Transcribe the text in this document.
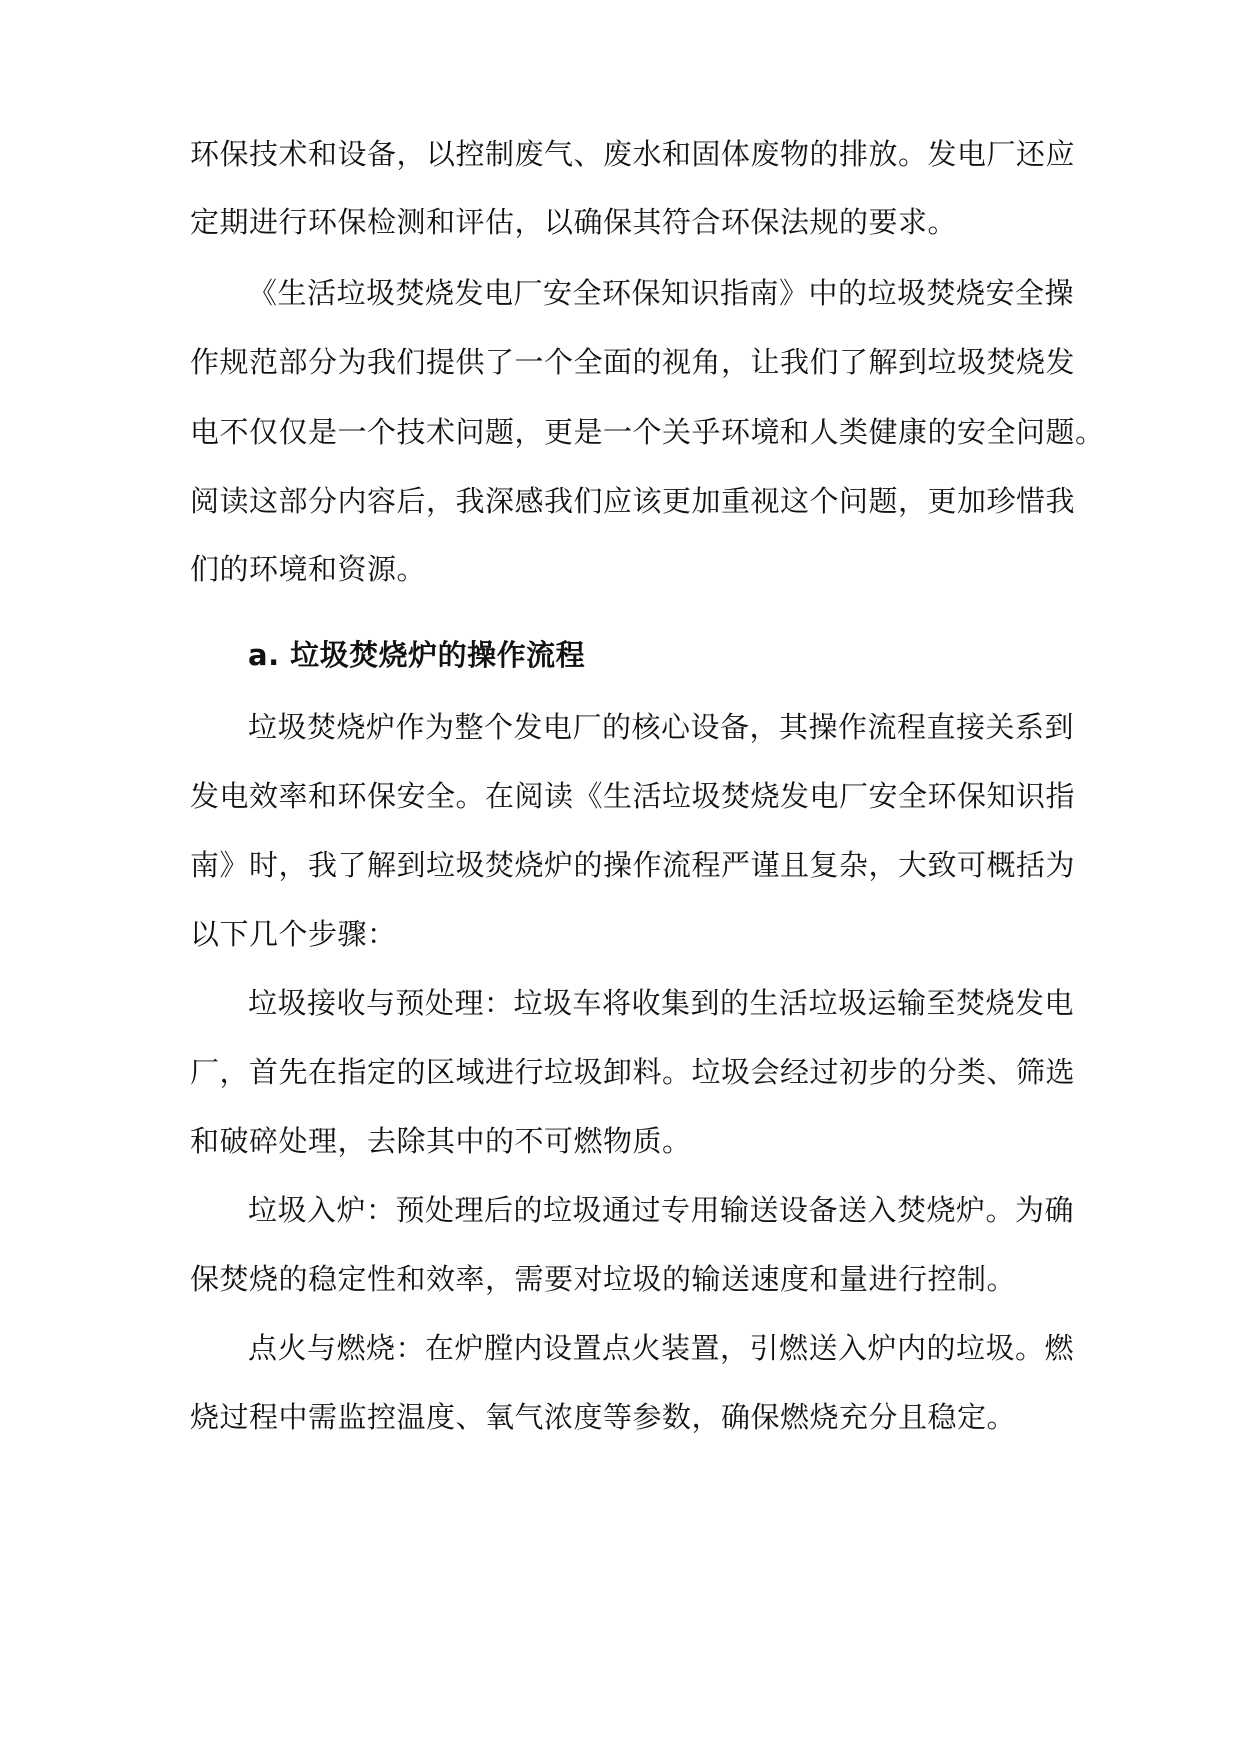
环保技术和设备，以控制废气、废水和固体废物的排放。发电厂还应
定期进行环保检测和评估，以确保其符合环保法规的要求。
《生活垃圾焚烧发电厂安全环保知识指南》中的垃圾焚烧安全操
作规范部分为我们提供了一个全面的视角，让我们了解到垃圾焚烧发
电不仅仅是一个技术问题，更是一个关乎环境和人类健康的安全问题。
阅读这部分内容后，我深感我们应该更加重视这个问题，更加珍惜我
们的环境和资源。
a. 垃圾焚烧炉的操作流程
垃圾焚烧炉作为整个发电厂的核心设备，其操作流程直接关系到
发电效率和环保安全。在阅读《生活垃圾焚烧发电厂安全环保知识指
南》时，我了解到垃圾焚烧炉的操作流程严谨且复杂，大致可概括为
以下几个步骤：
垃圾接收与预处理：垃圾车将收集到的生活垃圾运输至焚烧发电
厂，首先在指定的区域进行垃圾卸料。垃圾会经过初步的分类、筛选
和破碎处理，去除其中的不可燃物质。
垃圾入炉：预处理后的垃圾通过专用输送设备送入焚烧炉。为确
保焚烧的稳定性和效率，需要对垃圾的输送速度和量进行控制。
点火与燃烧：在炉膛内设置点火装置，引燃送入炉内的垃圾。燃
烧过程中需监控温度、氧气浓度等参数，确保燃烧充分且稳定。
